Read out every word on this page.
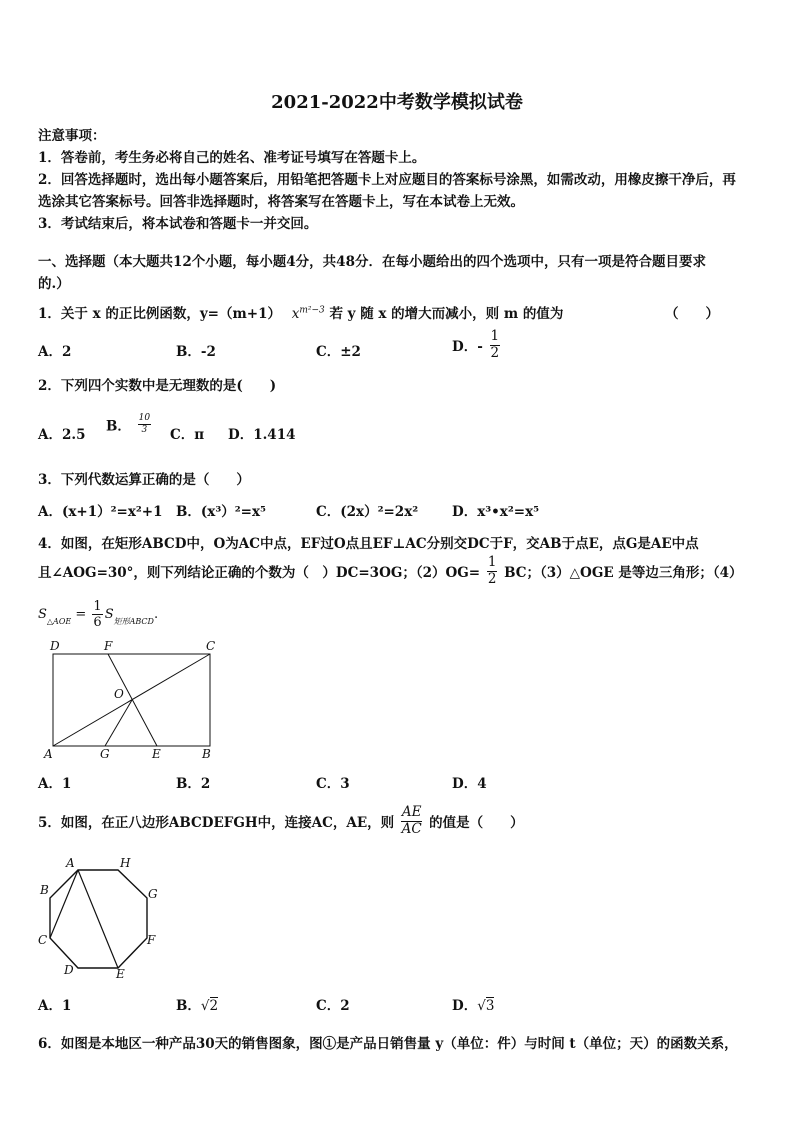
2021-2022中考数学模拟试卷
注意事项：
1．答卷前，考生务必将自己的姓名、准考证号填写在答题卡上。
2．回答选择题时，选出每小题答案后，用铅笔把答题卡上对应题目的答案标号涂黑，如需改动，用橡皮擦干净后，再
选涂其它答案标号。回答非选择题时，将答案写在答题卡上，写在本试卷上无效。
3．考试结束后，将本试卷和答题卡一并交回。
一、选择题（本大题共12个小题，每小题4分，共48分．在每小题给出的四个选项中，只有一项是符合题目要求
的.）
1．关于 x 的正比例函数，y=（m+1） $x^{m^2-3}$ 若 y 随 x 的增大而减小，则 m 的值为	（　　）
A．2	B．-2	C．±2	D．- $\frac{1}{2}$
2．下列四个实数中是无理数的是(　　)
A．2.5
B． $\frac{10}{3}$ C．π D．1.414
3．下列代数运算正确的是（　　）
A．(x+1）²=x²+1 B．(x³）²=x⁵	C．(2x）²=2x²	D．x³•x²=x⁵
4．如图，在矩形ABCD中，O为AC中点，EF过O点且EF⊥AC分别交DC于F，交AB于点E，点G是AE中点
且∠AOG=30°，则下列结论正确的个数为（　）DC=3OG；$(2)OG= \frac{1}{2}$ BC；（3）△OGE 是等边三角形；（4）
$S_{\triangle AOE} = \frac{1}{6} S_{矩形ABCD}$.
D	F	C
O
A	G	E	B
A．1	B．2	C．3	D．4
5．如图，在正八边形ABCDEFGH中，连接AC，AE，则 $\frac{AE}{AC}$ 的值是（　　）
A	H
B	G
C	F
D	E
A．1	B．√2	C．2	D．√3
6．如图是本地区一种产品30天的销售图象，图①是产品日销售量 y（单位：件）与时间 t（单位；天）的函数关系，
